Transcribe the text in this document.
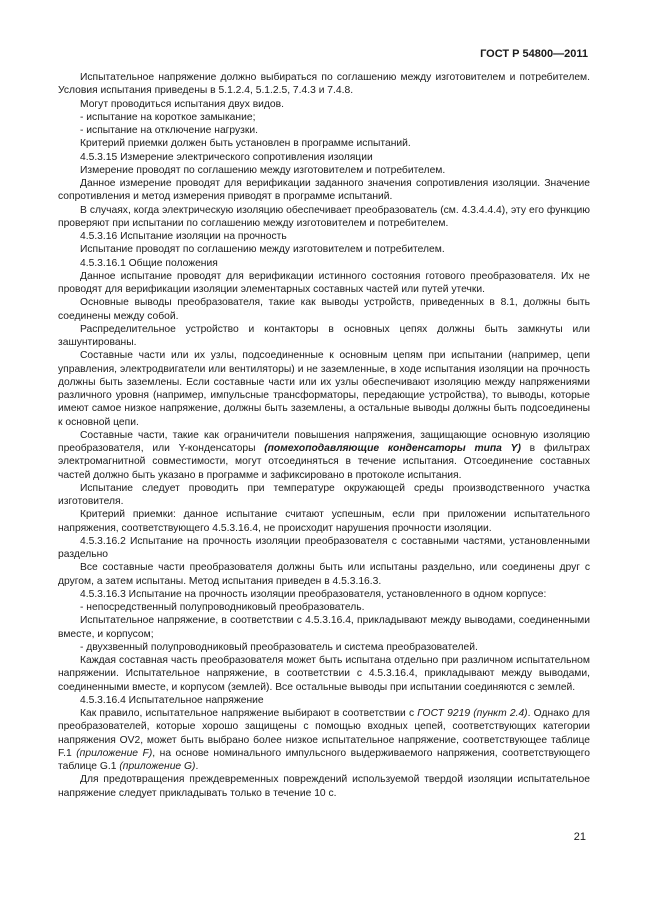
ГОСТ Р 54800—2011

Испытательное напряжение должно выбираться по соглашению между изготовителем и потребителем. Условия испытания приведены в 5.1.2.4, 5.1.2.5, 7.4.3 и 7.4.8.

Могут проводиться испытания двух видов.

- испытание на короткое замыкание;

- испытание на отключение нагрузки.

Критерий приемки должен быть установлен в программе испытаний.

4.5.3.15 Измерение электрического сопротивления изоляции

Измерение проводят по соглашению между изготовителем и потребителем.

Данное измерение проводят для верификации заданного значения сопротивления изоляции. Значение сопротивления и метод измерения приводят в программе испытаний.

В случаях, когда электрическую изоляцию обеспечивает преобразователь (см. 4.3.4.4.4), эту его функцию проверяют при испытании по соглашению между изготовителем и потребителем.

4.5.3.16 Испытание изоляции на прочность

Испытание проводят по соглашению между изготовителем и потребителем.

4.5.3.16.1 Общие положения

Данное испытание проводят для верификации истинного состояния готового преобразователя. Их не проводят для верификации изоляции элементарных составных частей или путей утечки.

Основные выводы преобразователя, такие как выводы устройств, приведенных в 8.1, должны быть соединены между собой.

Распределительное устройство и контакторы в основных цепях должны быть замкнуты или зашунтированы.

Составные части или их узлы, подсоединенные к основным цепям при испытании (например, цепи управления, электродвигатели или вентиляторы) и не заземленные, в ходе испытания изоляции на прочность должны быть заземлены. Если составные части или их узлы обеспечивают изоляцию между напряжениями различного уровня (например, импульсные трансформаторы, передающие устройства), то выводы, которые имеют самое низкое напряжение, должны быть заземлены, а остальные выводы должны быть подсоединены к основной цепи.

Составные части, такие как ограничители повышения напряжения, защищающие основную изоляцию преобразователя, или Y-конденсаторы (помехоподавляющие конденсаторы типа Y) в фильтрах электромагнитной совместимости, могут отсоединяться в течение испытания. Отсоединение составных частей должно быть указано в программе и зафиксировано в протоколе испытания.

Испытание следует проводить при температуре окружающей среды производственного участка изготовителя.

Критерий приемки: данное испытание считают успешным, если при приложении испытательного напряжения, соответствующего 4.5.3.16.4, не происходит нарушения прочности изоляции.

4.5.3.16.2 Испытание на прочность изоляции преобразователя с составными частями, установленными раздельно

Все составные части преобразователя должны быть или испытаны раздельно, или соединены друг с другом, а затем испытаны. Метод испытания приведен в 4.5.3.16.3.

4.5.3.16.3 Испытание на прочность изоляции преобразователя, установленного в одном корпусе:

- непосредственный полупроводниковый преобразователь.

Испытательное напряжение, в соответствии с 4.5.3.16.4, прикладывают между выводами, соединенными вместе, и корпусом;

- двухзвенный полупроводниковый преобразователь и система преобразователей.

Каждая составная часть преобразователя может быть испытана отдельно при различном испытательном напряжении. Испытательное напряжение, в соответствии с 4.5.3.16.4, прикладывают между выводами, соединенными вместе, и корпусом (землей). Все остальные выводы при испытании соединяются с землей.

4.5.3.16.4 Испытательное напряжение

Как правило, испытательное напряжение выбирают в соответствии с ГОСТ 9219 (пункт 2.4). Однако для преобразователей, которые хорошо защищены с помощью входных цепей, соответствующих категории напряжения OV2, может быть выбрано более низкое испытательное напряжение, соответствующее таблице F.1 (приложение F), на основе номинального импульсного выдерживаемого напряжения, соответствующего таблице G.1 (приложение G).

Для предотвращения преждевременных повреждений используемой твердой изоляции испытательное напряжение следует прикладывать только в течение 10 с.

21
